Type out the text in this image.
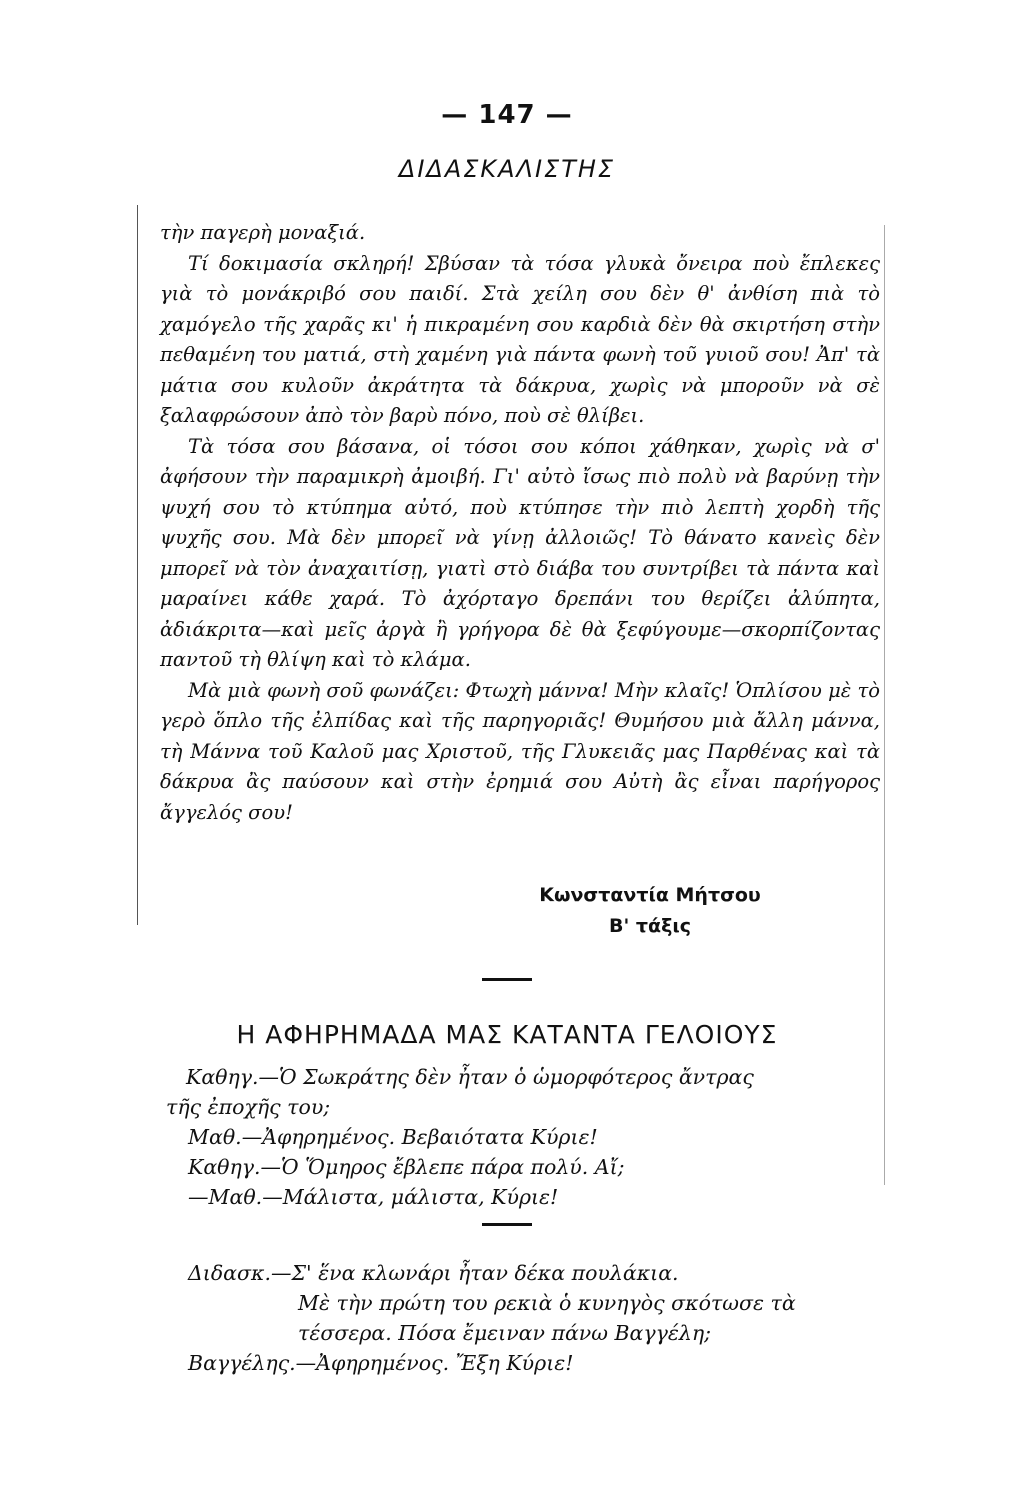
— 147 —
ΔΙΔΑΣΚΑΛΙΣΤΗΣ

τὴν παγερὴ μοναξιά.

Τί δοκιμασία σκληρή! Σβύσαν τὰ τόσα γλυκὰ ὄνειρα ποὺ ἔπλεκες γιὰ τὸ μονάκριβό σου παιδί. Στὰ χείλη σου δὲν θ' ἀνθίση πιὰ τὸ χαμόγελο τῆς χαρᾶς κι' ἡ πικραμένη σου καρδιὰ δὲν θὰ σκιρτήση στὴν πεθαμένη του ματιά, στὴ χαμένη γιὰ πάντα φωνὴ τοῦ γυιοῦ σου! Ἀπ' τὰ μάτια σου κυλοῦν ἀκράτητα τὰ δάκρυα, χωρὶς νὰ μποροῦν νὰ σὲ ξαλαφρώσουν ἀπὸ τὸν βαρὺ πόνο, ποὺ σὲ θλίβει.

Τὰ τόσα σου βάσανα, οἱ τόσοι σου κόποι χάθηκαν, χωρὶς νὰ σ' ἀφήσουν τὴν παραμικρὴ ἀμοιβή. Γι' αὐτὸ ἴσως πιὸ πολὺ νὰ βαρύνῃ τὴν ψυχή σου τὸ κτύπημα αὐτό, ποὺ κτύπησε τὴν πιὸ λεπτὴ χορδὴ τῆς ψυχῆς σου. Μὰ δὲν μπορεῖ νὰ γίνῃ ἀλλοιῶς! Τὸ θάνατο κανεὶς δὲν μπορεῖ νὰ τὸν ἀναχαιτίσῃ, γιατὶ στὸ διάβα του συντρίβει τὰ πάντα καὶ μαραίνει κάθε χαρά. Τὸ ἀχόρταγο δρεπάνι του θερίζει ἀλύπητα, ἀδιάκριτα—καὶ μεῖς ἀργὰ ἢ γρήγορα δὲ θὰ ξεφύγουμε—σκορπίζοντας παντοῦ τὴ θλίψη καὶ τὸ κλάμα.

Μὰ μιὰ φωνὴ σοῦ φωνάζει: Φτωχὴ μάννα! Μὴν κλαῖς! Ὁπλίσου μὲ τὸ γερὸ ὅπλο τῆς ἐλπίδας καὶ τῆς παρηγοριᾶς! Θυμήσου μιὰ ἄλλη μάννα, τὴ Μάννα τοῦ Καλοῦ μας Χριστοῦ, τῆς Γλυκειᾶς μας Παρθένας καὶ τὰ δάκρυα ἂς παύσουν καὶ στὴν ἐρημιά σου Αὐτὴ ἂς εἶναι παρήγορος ἄγγελός σου!

Κωνσταντία Μήτσου
Β' τάξις
Η ΑΦΗΡΗΜΑΔΑ ΜΑΣ ΚΑΤΑΝΤΑ ΓΕΛΟΙΟΥΣ

Καθηγ.—Ὁ Σωκράτης δὲν ἦταν ὁ ὡμορφότερος ἄντρας

τῆς ἐποχῆς του;

Μαθ.—Ἀφηρημένος. Βεβαιότατα Κύριε!

Καθηγ.—Ὁ Ὅμηρος ἔβλεπε πάρα πολύ. Αἴ;

—Μαθ.—Μάλιστα, μάλιστα, Κύριε!

Διδασκ.—Σ' ἕνα κλωνάρι ἦταν δέκα πουλάκια.

Μὲ τὴν πρώτη του ρεκιὰ ὁ κυνηγὸς σκότωσε τὰ

τέσσερα. Πόσα ἔμειναν πάνω Βαγγέλη;

Βαγγέλης.—Ἀφηρημένος. Ἔξη Κύριε!
